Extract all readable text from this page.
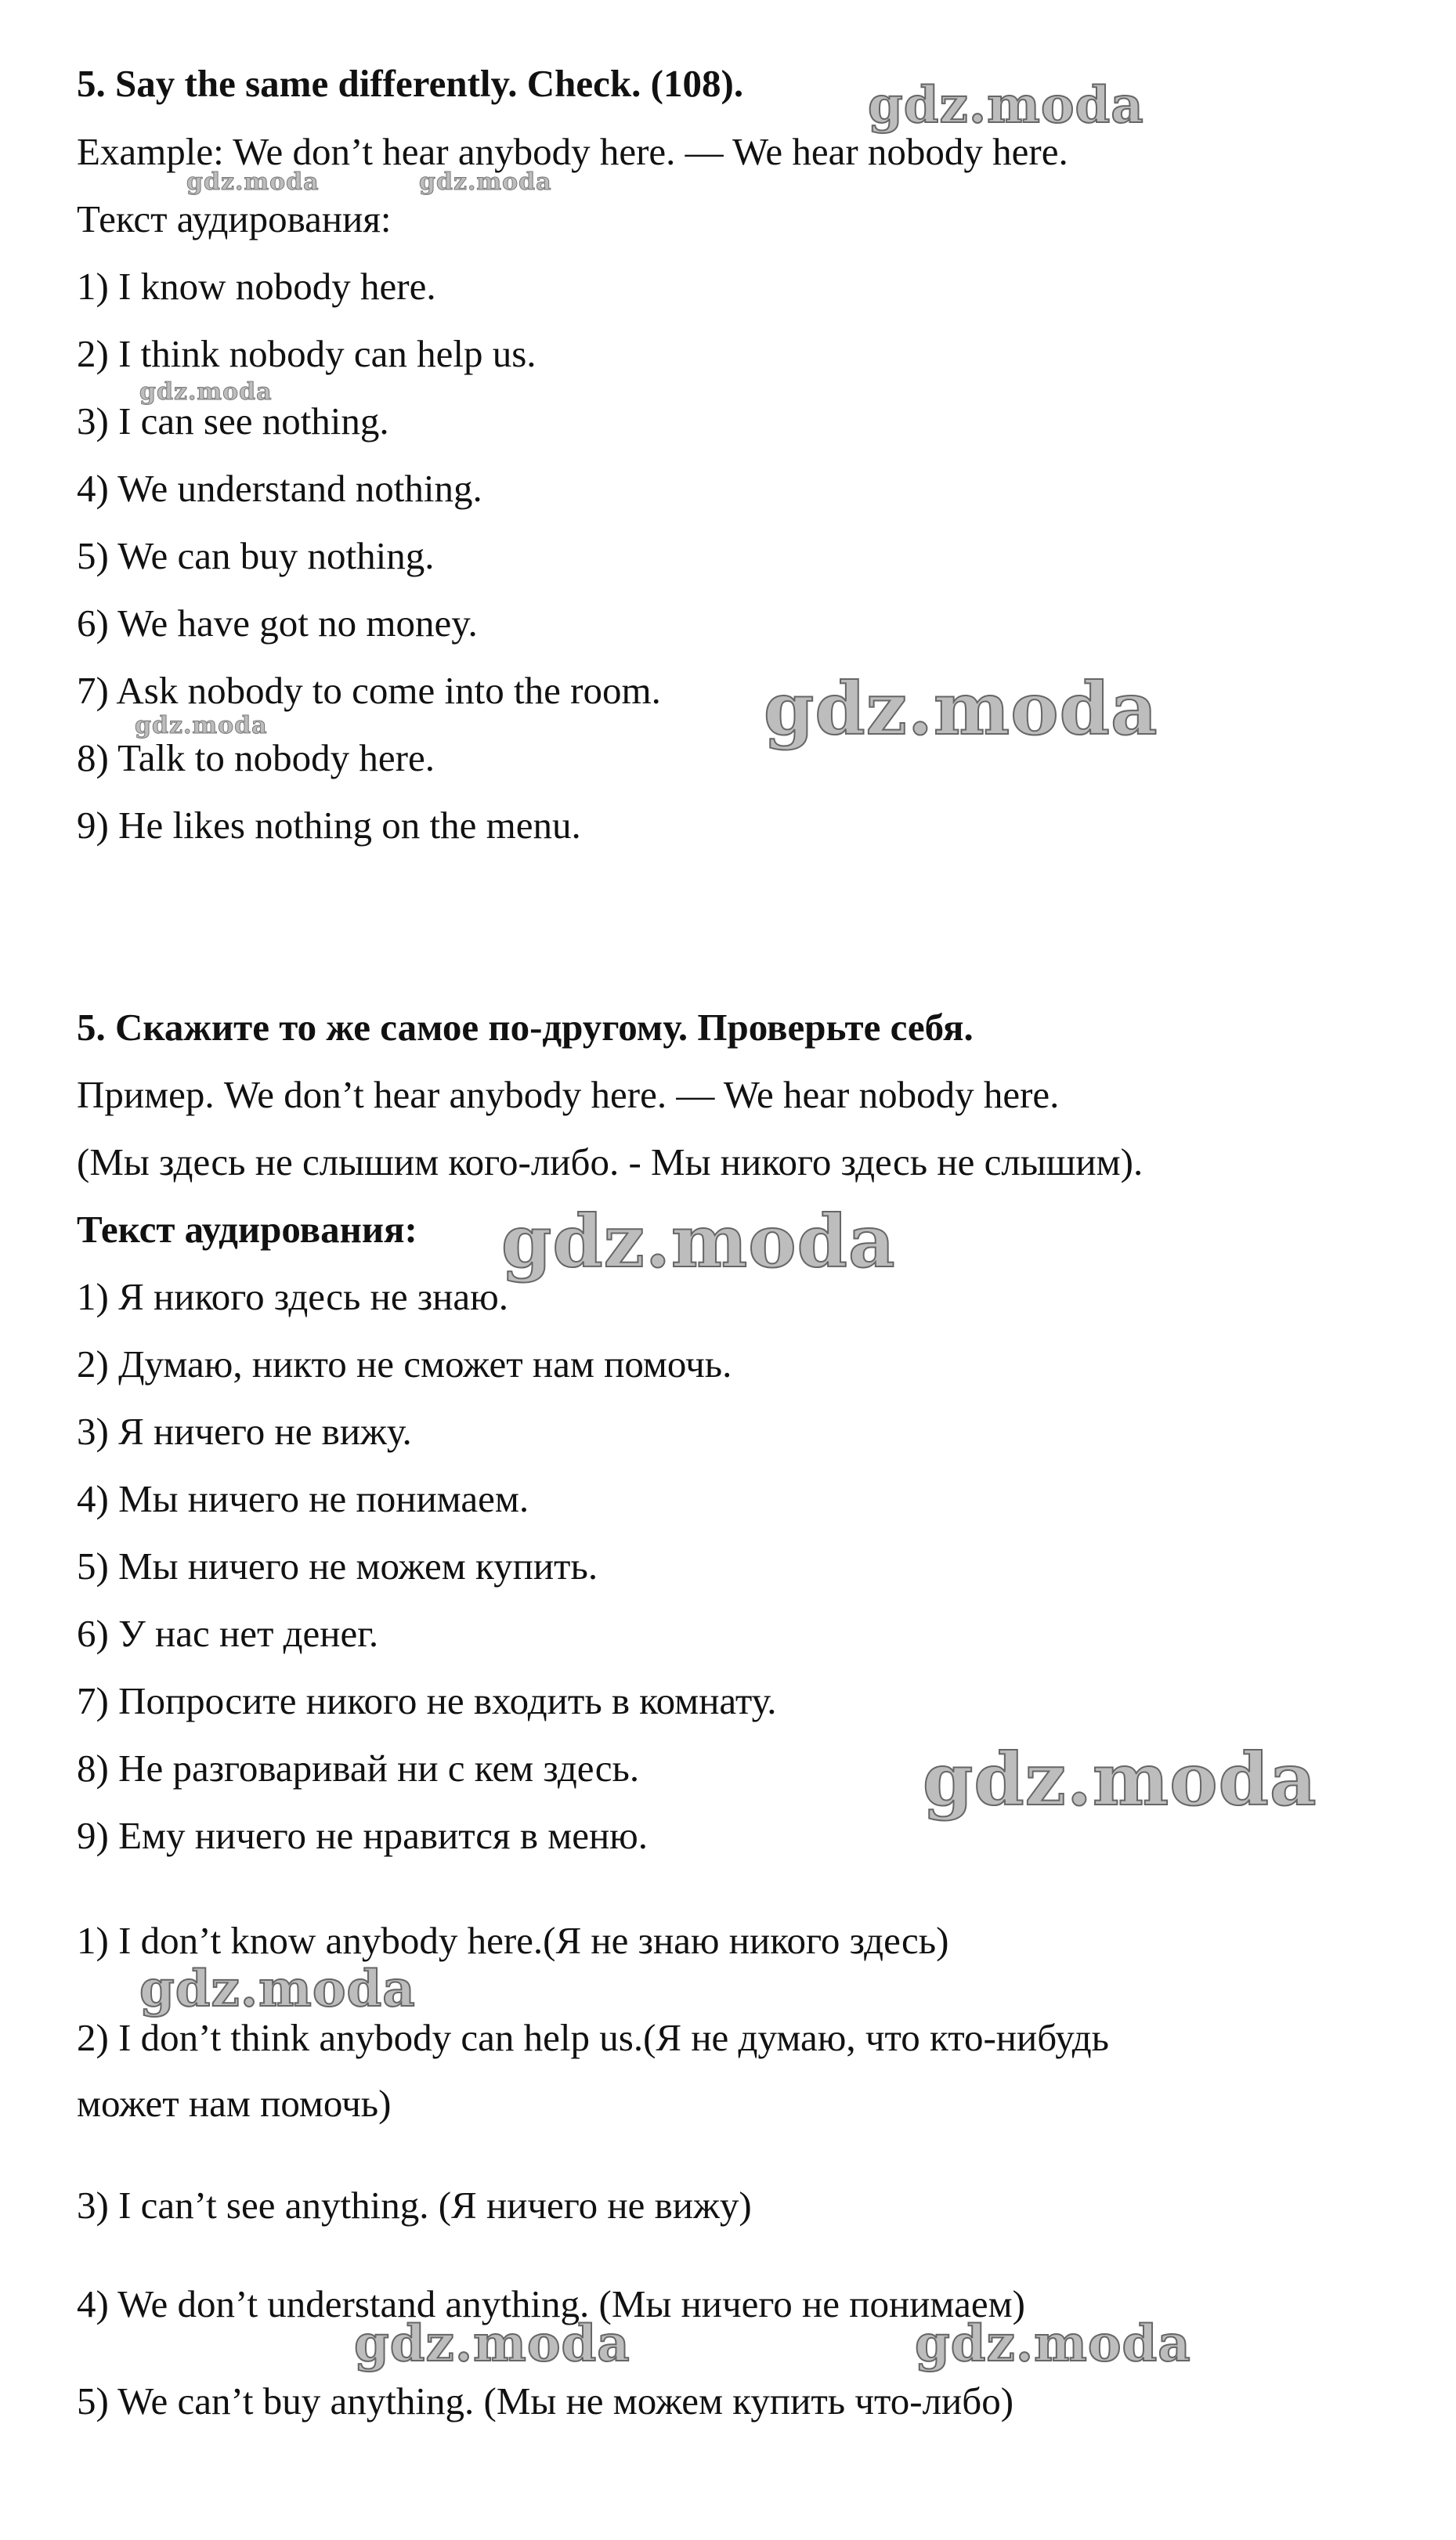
5. Say the same differently. Check. (108).
Example: We don’t hear anybody here. — We hear nobody here.
Текст аудирования:
1) I know nobody here.
2) I think nobody can help us.
3) I can see nothing.
4) We understand nothing.
5) We can buy nothing.
6) We have got no money.
7) Ask nobody to come into the room.
8) Talk to nobody here.
9) He likes nothing on the menu.
5. Скажите то же самое по-другому. Проверьте себя.
Пример. We don’t hear anybody here. — We hear nobody here.
(Мы здесь не слышим кого-либо. - Мы никого здесь не слышим).
Текст аудирования:
1) Я никого здесь не знаю.
2) Думаю, никто не сможет нам помочь.
3) Я ничего не вижу.
4) Мы ничего не понимаем.
5) Мы ничего не можем купить.
6) У нас нет денег.
7) Попросите никого не входить в комнату.
8) Не разговаривай ни с кем здесь.
9) Ему ничего не нравится в меню.
1) I don’t know anybody here.(Я не знаю никого здесь)
2) I don’t think anybody can help us.(Я не думаю, что кто-нибудь
может нам помочь)
3) I can’t see anything. (Я ничего не вижу)
4) We don’t understand anything. (Мы ничего не понимаем)
5) We can’t buy anything. (Мы не можем купить что-либо)
gdz.moda
gdz.moda	gdz.moda
gdz.moda
gdz.moda
gdz.moda
gdz.moda
gdz.moda
gdz.moda
gdz.moda	gdz.moda
